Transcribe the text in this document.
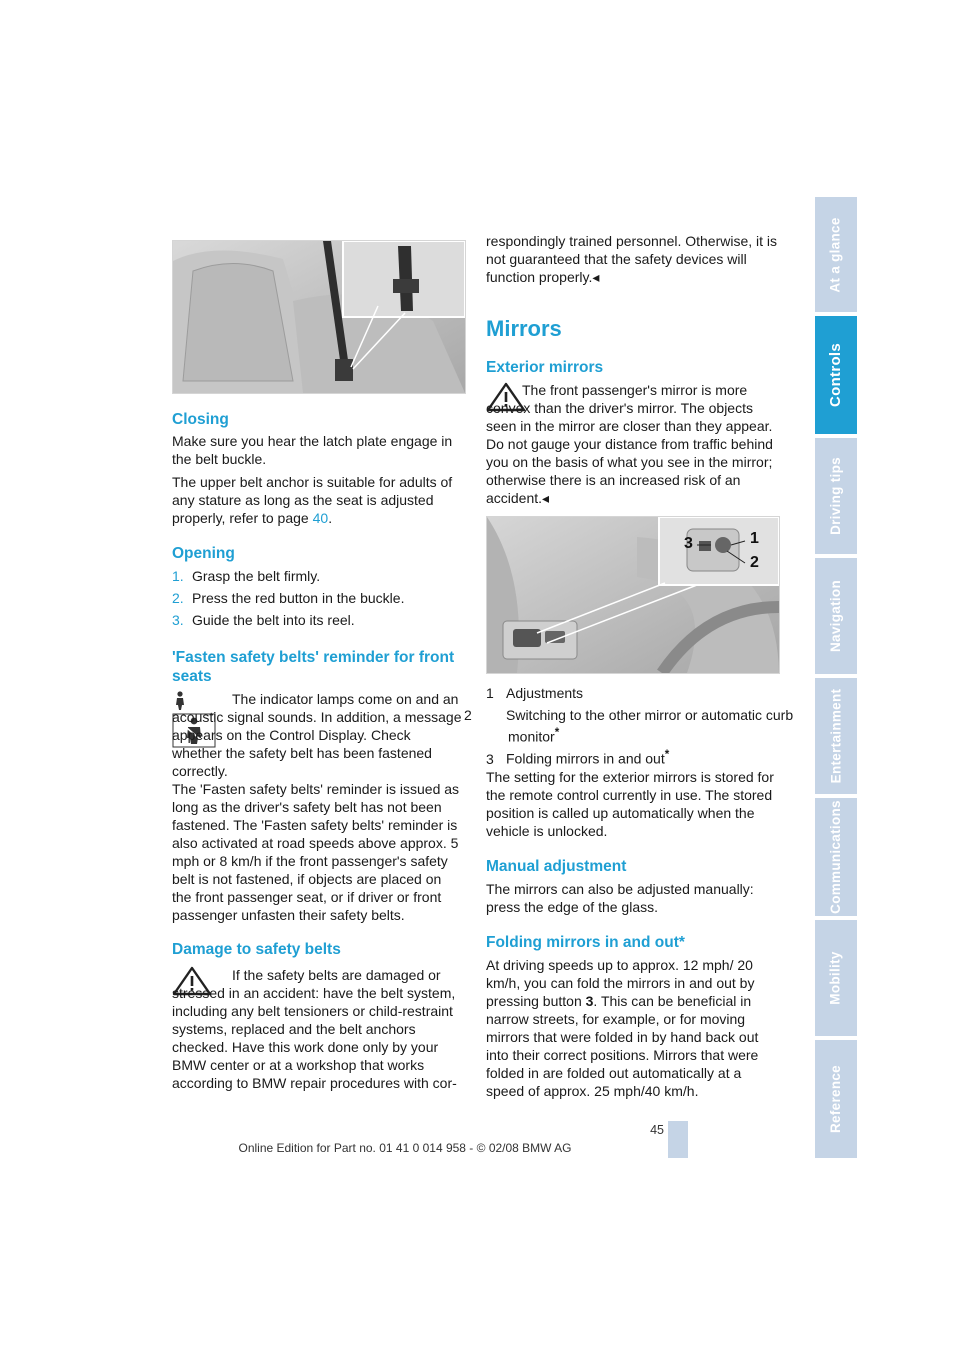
Closing

Make sure you hear the latch plate engage in the belt buckle.

The upper belt anchor is suitable for adults of any stature as long as the seat is adjusted properly, refer to page 40.

Opening

1. Grasp the belt firmly.

2. Press the red button in the buckle.

3. Guide the belt into its reel.

'Fasten safety belts' reminder for front seats

The indicator lamps come on and an acoustic signal sounds. In addition, a message appears on the Control Display. Check whether the safety belt has been fastened correctly.

The 'Fasten safety belts' reminder is issued as long as the driver's safety belt has not been fastened. The 'Fasten safety belts' reminder is also activated at road speeds above approx. 5 mph or 8 km/h if the front passenger's safety belt is not fastened, if objects are placed on the front passenger seat, or if driver or front passenger unfasten their safety belts.

Damage to safety belts

If the safety belts are damaged or stressed in an accident: have the belt system, including any belt tensioners or child-restraint systems, replaced and the belt anchors checked. Have this work done only by your BMW center or at a workshop that works according to BMW repair procedures with cor-

respondingly trained personnel. Otherwise, it is not guaranteed that the safety devices will function properly.◂

Mirrors
Exterior mirrors

The front passenger's mirror is more convex than the driver's mirror. The objects seen in the mirror are closer than they appear. Do not gauge your distance from traffic behind you on the basis of what you see in the mirror; otherwise there is an increased risk of an accident.◂

1
2
3

1 Adjustments

2 Switching to the other mirror or automatic curb monitor*

3 Folding mirrors in and out*

The setting for the exterior mirrors is stored for the remote control currently in use. The stored position is called up automatically when the vehicle is unlocked.

Manual adjustment

The mirrors can also be adjusted manually: press the edge of the glass.

Folding mirrors in and out*

At driving speeds up to approx. 12 mph/ 20 km/h, you can fold the mirrors in and out by pressing button 3. This can be beneficial in narrow streets, for example, or for moving mirrors that were folded in by hand back out into their correct positions. Mirrors that were folded in are folded out automatically at a speed of approx. 25 mph/40 km/h.

At a glance
Controls
Driving tips
Navigation
Entertainment
Communications
Mobility
Reference
45
Online Edition for Part no. 01 41 0 014 958 - © 02/08 BMW AG
